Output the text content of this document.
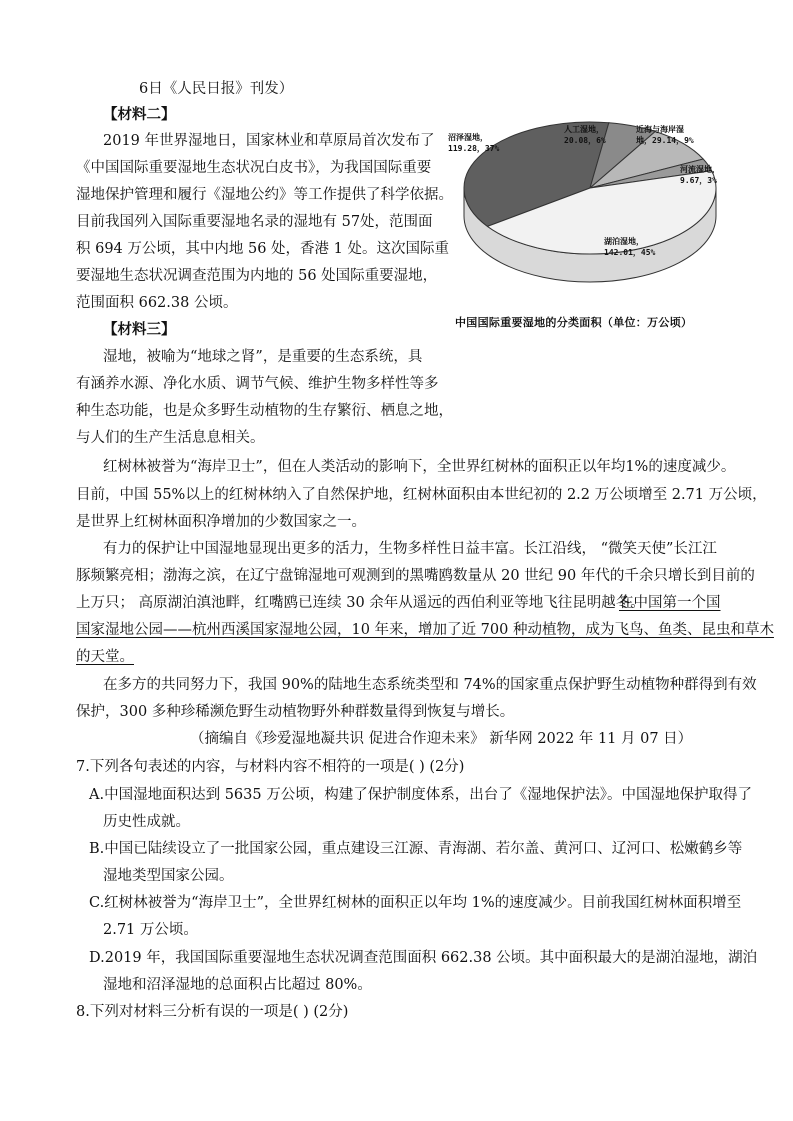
6日《人民日报》刊发）
【材料二】
2019 年世界湿地日，国家林业和草原局首次发布了
《中国国际重要湿地生态状况白皮书》，为我国国际重要
湿地保护管理和履行《湿地公约》等工作提供了科学依据。
目前我国列入国际重要湿地名录的湿地有 57处，范围面
积 694 万公顷，其中内地 56 处，香港 1 处。这次国际重
要湿地生态状况调查范围为内地的 56 处国际重要湿地，
范围面积 662.38 公顷。
【材料三】
湿地，被喻为“地球之肾”，是重要的生态系统，具
有涵养水源、净化水质、调节气候、维护生物多样性等多
种生态功能，也是众多野生动植物的生存繁衍、栖息之地，
与人们的生产生活息息相关。
红树林被誉为“海岸卫士”，但在人类活动的影响下，全世界红树林的面积正以年均1%的速度减少。
目前，中国 55%以上的红树林纳入了自然保护地，红树林面积由本世纪初的 2.2 万公顷增至 2.71 万公顷，
是世界上红树林面积净增加的少数国家之一。
有力的保护让中国湿地显现出更多的活力，生物多样性日益丰富。长江沿线， “微笑天使”长江江
豚频繁亮相；渤海之滨，在辽宁盘锦湿地可观测到的黑嘴鸥数量从 20 世纪 90 年代的千余只增长到目前的
上万只； 高原湖泊滇池畔，红嘴鸥已连续 30 余年从遥远的西伯利亚等地飞往昆明越冬。
在中国第一个国
国家湿地公园——杭州西溪国家湿地公园，10 年来，增加了近 700 种动植物，成为飞鸟、鱼类、昆虫和草木
的天堂。
在多方的共同努力下，我国 90%的陆地生态系统类型和 74%的国家重点保护野生动植物种群得到有效
保护，300 多种珍稀濒危野生动植物野外种群数量得到恢复与增长。
（摘编自《珍爱湿地凝共识 促进合作迎未来》 新华网 2022 年 11 月 07 日）
7.下列各句表述的内容，与材料内容不相符的一项是( ) (2分)
A.中国湿地面积达到 5635 万公顷，构建了保护制度体系，出台了《湿地保护法》。中国湿地保护取得了
历史性成就。
B.中国已陆续设立了一批国家公园，重点建设三江源、青海湖、若尔盖、黄河口、辽河口、松嫩鹤乡等
湿地类型国家公园。
C.红树林被誉为“海岸卫士”，全世界红树林的面积正以年均 1%的速度减少。目前我国红树林面积增至
2.71 万公顷。
D.2019 年，我国国际重要湿地生态状况调查范围面积 662.38 公顷。其中面积最大的是湖泊湿地，湖泊
湿地和沼泽湿地的总面积占比超过 80%。
8.下列对材料三分析有误的一项是( ) (2分)
沼泽湿地，
119.28，37%
人工湿地，
20.08，6%
近海与海岸湿
地，29.14，9%
河流湿地，
9.67，3%
湖泊湿地，
142.01，45%
中国国际重要湿地的分类面积（单位：万公顷）
